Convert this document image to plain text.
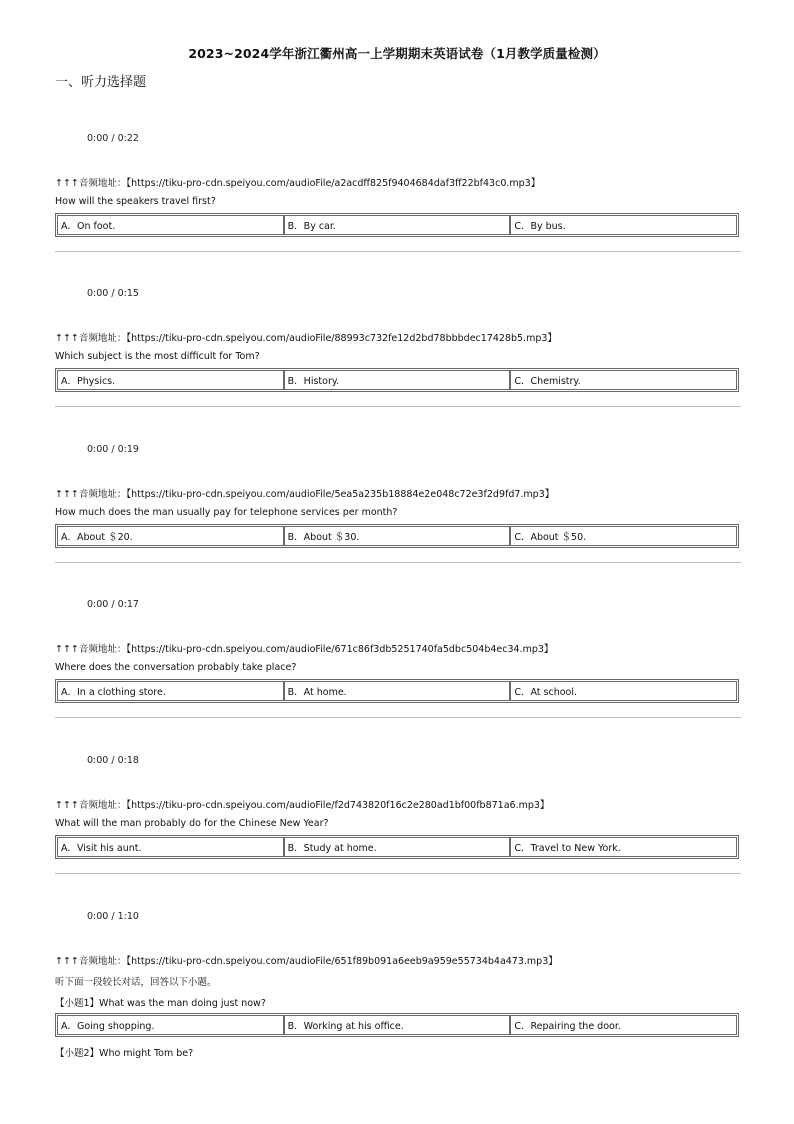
2023~2024学年浙江衢州高一上学期期末英语试卷（1月教学质量检测）
一、听力选择题
0:00 / 0:22
↑↑↑音频地址：【https://tiku-pro-cdn.speiyou.com/audioFile/a2acdff825f9404684daf3ff22bf43c0.mp3】
How will the speakers travel first?
A．On foot.	B．By car.	C．By bus.
0:00 / 0:15
↑↑↑音频地址：【https://tiku-pro-cdn.speiyou.com/audioFile/88993c732fe12d2bd78bbbdec17428b5.mp3】
Which subject is the most difficult for Tom?
A．Physics.	B．History.	C．Chemistry.
0:00 / 0:19
↑↑↑音频地址：【https://tiku-pro-cdn.speiyou.com/audioFile/5ea5a235b18884e2e048c72e3f2d9fd7.mp3】
How much does the man usually pay for telephone services per month?
A．About ＄20.	B．About ＄30.	C．About ＄50.
0:00 / 0:17
↑↑↑音频地址：【https://tiku-pro-cdn.speiyou.com/audioFile/671c86f3db5251740fa5dbc504b4ec34.mp3】
Where does the conversation probably take place?
A．In a clothing store.	B．At home.	C．At school.
0:00 / 0:18
↑↑↑音频地址：【https://tiku-pro-cdn.speiyou.com/audioFile/f2d743820f16c2e280ad1bf00fb871a6.mp3】
What will the man probably do for the Chinese New Year?
A．Visit his aunt.	B．Study at home.	C．Travel to New York.
0:00 / 1:10
↑↑↑音频地址：【https://tiku-pro-cdn.speiyou.com/audioFile/651f89b091a6eeb9a959e55734b4a473.mp3】
听下面一段较长对话，回答以下小题。
【小题1】What was the man doing just now?
A．Going shopping.	B．Working at his office.	C．Repairing the door.
【小题2】Who might Tom be?
